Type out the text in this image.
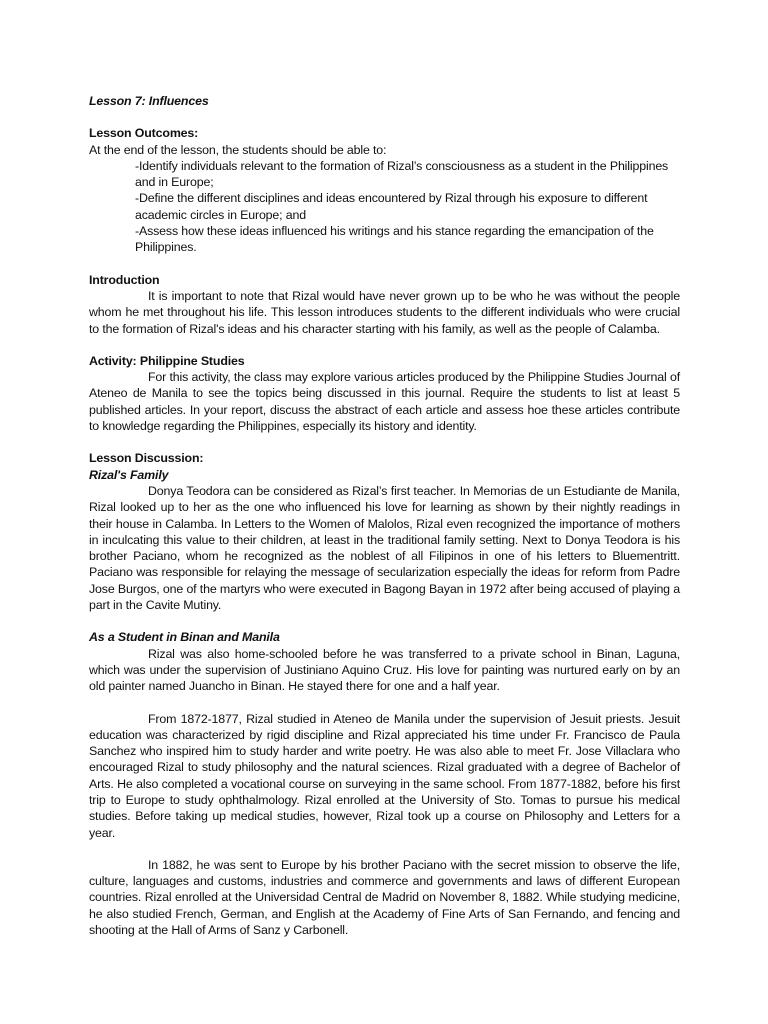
Lesson 7: Influences

Lesson Outcomes:

At the end of the lesson, the students should be able to:

-Identify individuals relevant to the formation of Rizal’s consciousness as a student in the Philippines and in Europe;
-Define the different disciplines and ideas encountered by Rizal through his exposure to different academic circles in Europe; and
-Assess how these ideas influenced his writings and his stance regarding the emancipation of the Philippines.

Introduction

It is important to note that Rizal would have never grown up to be who he was without the people whom he met throughout his life. This lesson introduces students to the different individuals who were crucial to the formation of Rizal's ideas and his character starting with his family, as well as the people of Calamba.

Activity: Philippine Studies

For this activity, the class may explore various articles produced by the Philippine Studies Journal of Ateneo de Manila to see the topics being discussed in this journal. Require the students to list at least 5 published articles. In your report, discuss the abstract of each article and assess hoe these articles contribute to knowledge regarding the Philippines, especially its history and identity.

Lesson Discussion:

Rizal's Family

Donya Teodora can be considered as Rizal’s first teacher. In Memorias de un Estudiante de Manila, Rizal looked up to her as the one who influenced his love for learning as shown by their nightly readings in their house in Calamba. In Letters to the Women of Malolos, Rizal even recognized the importance of mothers in inculcating this value to their children, at least in the traditional family setting. Next to Donya Teodora is his brother Paciano, whom he recognized as the noblest of all Filipinos in one of his letters to Bluementritt. Paciano was responsible for relaying the message of secularization especially the ideas for reform from Padre Jose Burgos, one of the martyrs who were executed in Bagong Bayan in 1972 after being accused of playing a part in the Cavite Mutiny.

As a Student in Binan and Manila

Rizal was also home-schooled before he was transferred to a private school in Binan, Laguna, which was under the supervision of Justiniano Aquino Cruz. His love for painting was nurtured early on by an old painter named Juancho in Binan. He stayed there for one and a half year.

From 1872-1877, Rizal studied in Ateneo de Manila under the supervision of Jesuit priests. Jesuit education was characterized by rigid discipline and Rizal appreciated his time under Fr. Francisco de Paula Sanchez who inspired him to study harder and write poetry. He was also able to meet Fr. Jose Villaclara who encouraged Rizal to study philosophy and the natural sciences. Rizal graduated with a degree of Bachelor of Arts. He also completed a vocational course on surveying in the same school. From 1877-1882, before his first trip to Europe to study ophthalmology. Rizal enrolled at the University of Sto. Tomas to pursue his medical studies. Before taking up medical studies, however, Rizal took up a course on Philosophy and Letters for a year.

In 1882, he was sent to Europe by his brother Paciano with the secret mission to observe the life, culture, languages and customs, industries and commerce and governments and laws of different European countries. Rizal enrolled at the Universidad Central de Madrid on November 8, 1882. While studying medicine, he also studied French, German, and English at the Academy of Fine Arts of San Fernando, and fencing and shooting at the Hall of Arms of Sanz y Carbonell.
